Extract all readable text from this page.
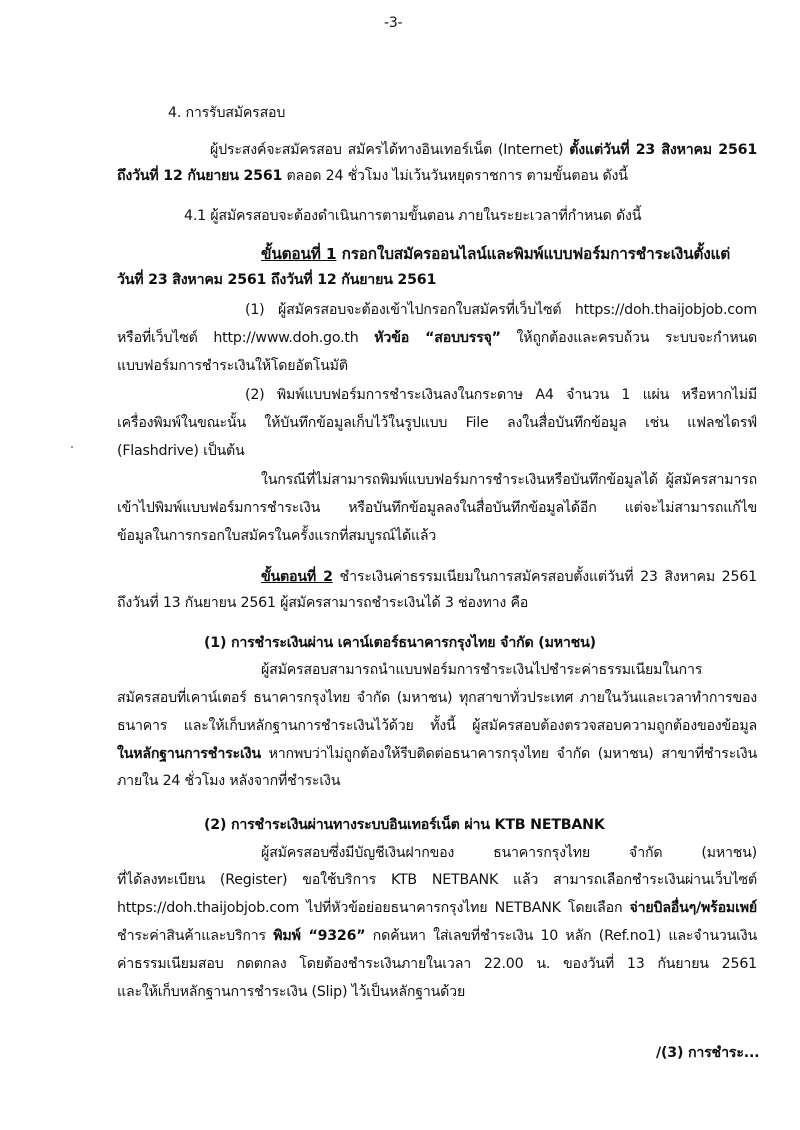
-3-
4. การรับสมัครสอบ
ผู้ประสงค์จะสมัครสอบ สมัครได้ทางอินเทอร์เน็ต (Internet) ตั้งแต่วันที่ 23 สิงหาคม 2561
ถึงวันที่ 12 กันยายน 2561 ตลอด 24 ชั่วโมง ไม่เว้นวันหยุดราชการ ตามขั้นตอน ดังนี้
4.1 ผู้สมัครสอบจะต้องดำเนินการตามขั้นตอน ภายในระยะเวลาที่กำหนด ดังนี้
ขั้นตอนที่ 1 กรอกใบสมัครออนไลน์และพิมพ์แบบฟอร์มการชำระเงินตั้งแต่
วันที่ 23 สิงหาคม 2561 ถึงวันที่ 12 กันยายน 2561
(1) ผู้สมัครสอบจะต้องเข้าไปกรอกใบสมัครที่เว็บไซต์ https://doh.thaijobjob.com
หรือที่เว็บไซต์ http://www.doh.go.th หัวข้อ “สอบบรรจุ” ให้ถูกต้องและครบถ้วน ระบบจะกำหนด
แบบฟอร์มการชำระเงินให้โดยอัตโนมัติ
(2) พิมพ์แบบฟอร์มการชำระเงินลงในกระดาษ A4 จำนวน 1 แผ่น หรือหากไม่มี
เครื่องพิมพ์ในขณะนั้น ให้บันทึกข้อมูลเก็บไว้ในรูปแบบ File ลงในสื่อบันทึกข้อมูล เช่น แฟลชไดรฟ์
(Flashdrive) เป็นต้น
ในกรณีที่ไม่สามารถพิมพ์แบบฟอร์มการชำระเงินหรือบันทึกข้อมูลได้ ผู้สมัครสามารถ
เข้าไปพิมพ์แบบฟอร์มการชำระเงิน หรือบันทึกข้อมูลลงในสื่อบันทึกข้อมูลได้อีก แต่จะไม่สามารถแก้ไข
ข้อมูลในการกรอกใบสมัครในครั้งแรกที่สมบูรณ์ได้แล้ว
ขั้นตอนที่ 2 ชำระเงินค่าธรรมเนียมในการสมัครสอบตั้งแต่วันที่ 23 สิงหาคม 2561
ถึงวันที่ 13 กันยายน 2561 ผู้สมัครสามารถชำระเงินได้ 3 ช่องทาง คือ
(1) การชำระเงินผ่าน เคาน์เตอร์ธนาคารกรุงไทย จำกัด (มหาชน)
ผู้สมัครสอบสามารถนำแบบฟอร์มการชำระเงินไปชำระค่าธรรมเนียมในการ
สมัครสอบที่เคาน์เตอร์ ธนาคารกรุงไทย จำกัด (มหาชน) ทุกสาขาทั่วประเทศ ภายในวันและเวลาทำการของ
ธนาคาร และให้เก็บหลักฐานการชำระเงินไว้ด้วย ทั้งนี้ ผู้สมัครสอบต้องตรวจสอบความถูกต้องของข้อมูล
ในหลักฐานการชำระเงิน หากพบว่าไม่ถูกต้องให้รีบติดต่อธนาคารกรุงไทย จำกัด (มหาชน) สาขาที่ชำระเงิน
ภายใน 24 ชั่วโมง หลังจากที่ชำระเงิน
(2) การชำระเงินผ่านทางระบบอินเทอร์เน็ต ผ่าน KTB NETBANK
ผู้สมัครสอบซึ่งมีบัญชีเงินฝากของ ธนาคารกรุงไทย จำกัด (มหาชน)
ที่ได้ลงทะเบียน (Register) ขอใช้บริการ KTB NETBANK แล้ว สามารถเลือกชำระเงินผ่านเว็บไซต์
https://doh.thaijobjob.com ไปที่หัวข้อย่อยธนาคารกรุงไทย NETBANK โดยเลือก จ่ายบิลอื่นๆ/พร้อมเพย์
ชำระค่าสินค้าและบริการ พิมพ์ “9326” กดค้นหา ใส่เลขที่ชำระเงิน 10 หลัก (Ref.no1) และจำนวนเงิน
ค่าธรรมเนียมสอบ กดตกลง โดยต้องชำระเงินภายในเวลา 22.00 น. ของวันที่ 13 กันยายน 2561
และให้เก็บหลักฐานการชำระเงิน (Slip) ไว้เป็นหลักฐานด้วย
/(3) การชำระ...
